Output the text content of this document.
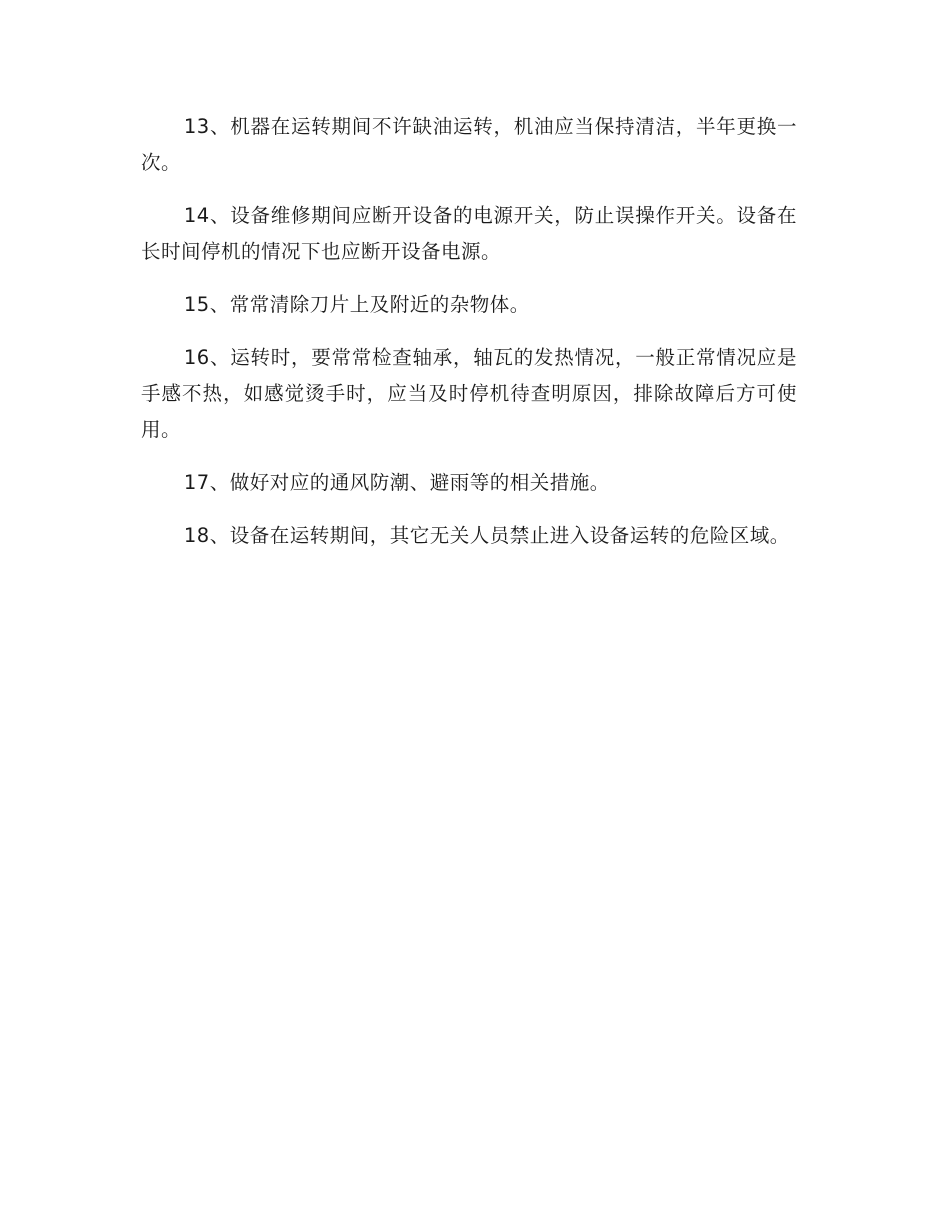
13、机器在运转期间不许缺油运转，机油应当保持清洁，半年更换一次。

14、设备维修期间应断开设备的电源开关，防止误操作开关。设备在长时间停机的情况下也应断开设备电源。

15、常常清除刀片上及附近的杂物体。

16、运转时，要常常检查轴承，轴瓦的发热情况，一般正常情况应是手感不热，如感觉烫手时，应当及时停机待查明原因，排除故障后方可使用。

17、做好对应的通风防潮、避雨等的相关措施。

18、设备在运转期间，其它无关人员禁止进入设备运转的危险区域。
